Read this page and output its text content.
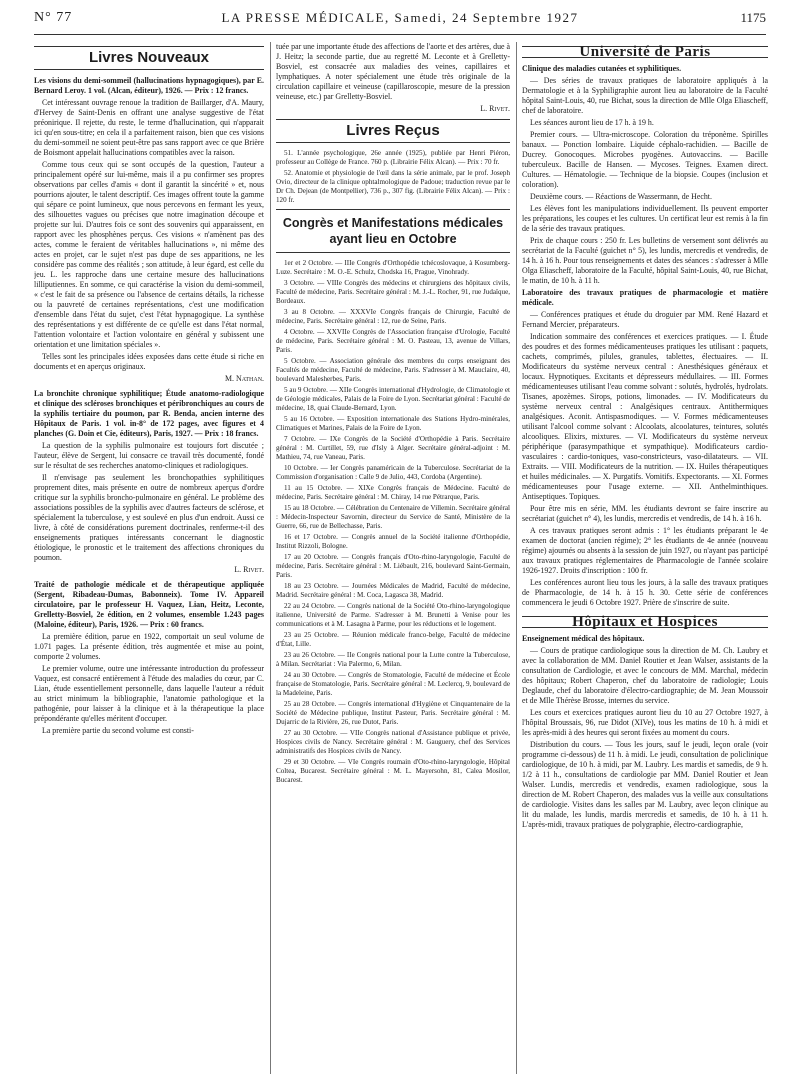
N° 77	LA PRESSE MÉDICALE, Samedi, 24 Septembre 1927	1175
Livres Nouveaux

Les visions du demi-sommeil (hallucinations hypnagogiques), par E. Bernard Leroy. 1 vol. (Alcan, éditeur), 1926. — Prix : 12 francs.

Cet intéressant ouvrage renoue la tradition de Baillarger, d'A. Maury, d'Hervey de Saint-Denis en offrant une analyse suggestive de l'état préonirique. Il rejette, du reste, le terme d'hallucination, qui n'apparait ici qu'en sous-titre; en cela il a parfaitement raison, bien que ces visions du demi-sommeil ne soient peut-être pas sans rapport avec ce que Brière de Boismont appelait hallucinations compatibles avec la raison.

Comme tous ceux qui se sont occupés de la question, l'auteur a principalement opéré sur lui-même, mais il a pu confirmer ses propres observations par celles d'amis « dont il garantit la sincérité » et, nous pourrions ajouter, le talent descriptif. Ces images offrent toute la gamme qui sépare ce point lumineux, que nous percevons en fermant les yeux, des silhouettes vagues ou précises que notre imagination découpe et projette sur lui. D'autres fois ce sont des souvenirs qui apparaissent, en rapport avec les phosphènes perçus. Ces visions « n'amènent pas des actes, comme le feraient de véritables hallucinations », ni même des actes en projet, car le sujet n'est pas dupe de ses apparitions, ne les considère pas comme des réalités ; son attitude, à leur égard, est celle du jeu. L. les rapproche dans une certaine mesure des hallucinations lilliputiennes. En somme, ce qui caractérise la vision du demi-sommeil, « c'est le fait de sa présence ou l'absence de certains détails, la richesse ou la pauvreté de certaines représentations, c'est une modification d'ensemble dans l'état du sujet, c'est l'état hypnagogique. La synthèse des représentations y est différente de ce qu'elle est dans l'état normal, l'attention volontaire et l'action volontaire en général y subissent une orientation et une limitation spéciales ».

Telles sont les principales idées exposées dans cette étude si riche en documents et en aperçus originaux.

M. Nathan.

La bronchite chronique syphilitique; Étude anatomo-radiologique et clinique des scléroses bronchiques et péribronchiques au cours de la syphilis tertiaire du poumon, par R. Benda, ancien interne des Hôpitaux de Paris. 1 vol. in-8° de 172 pages, avec figures et 4 planches (G. Doin et Cie, éditeurs), Paris, 1927. — Prix : 18 francs.

La question de la syphilis pulmonaire est toujours fort discutée ; l'auteur, élève de Sergent, lui consacre ce travail très documenté, fondé sur le résultat de ses recherches anatomo-cliniques et radiologiques.

Il n'envisage pas seulement les bronchopathies syphilitiques proprement dites, mais présente en outre de nombreux aperçus d'ordre critique sur la syphilis broncho-pulmonaire en général. Le problème des associations possibles de la syphilis avec d'autres facteurs de sclérose, et spécialement la tuberculose, y est soulevé en plus d'un endroit. Aussi ce livre, à côté de considérations purement doctrinales, renferme-t-il des enseignements pratiques intéressants concernant le diagnostic étiologique, le pronostic et le traitement des affections chroniques du poumon.

L. Rivet.

Traité de pathologie médicale et de thérapeutique appliquée (Sergent, Ribadeau-Dumas, Babonneix). Tome IV. Appareil circulatoire, par le professeur H. Vaquez, Lian, Heitz, Leconte, Grelletty-Bosviel, 2e édition, en 2 volumes, ensemble 1.243 pages (Maloine, éditeur), Paris, 1926. — Prix : 60 francs.

La première édition, parue en 1922, comportait un seul volume de 1.071 pages. La présente édition, très augmentée et mise au point, comporte 2 volumes.

Le premier volume, outre une intéressante introduction du professeur Vaquez, est consacré entièrement à l'étude des maladies du cœur, par C. Lian, étude essentiellement personnelle, dans laquelle l'auteur a réduit au strict minimum la bibliographie, l'anatomie pathologique et la pathogénie, pour laisser à la clinique et à la thérapeutique la place prépondérante qu'elles méritent d'occuper.

La première partie du second volume est consti-

tuée par une importante étude des affections de l'aorte et des artères, due à J. Heitz; la seconde partie, due au regretté M. Leconte et à Grelletty-Bosviel, est consacrée aux maladies des veines, capillaires et lymphatiques. A noter spécialement une étude très originale de la circulation capillaire et veineuse (capillaroscopie, mesure de la pression veineuse, etc.) par Grelletty-Bosviel.

L. Rivet.
Livres Reçus

51. L'année psychologique, 26e année (1925), publiée par Henri Piéron, professeur au Collège de France. 760 p. (Librairie Félix Alcan). — Prix : 70 fr.

52. Anatomie et physiologie de l'œil dans la série animale, par le prof. Joseph Ovio, directeur de la clinique ophtalmologique de Padoue; traduction revue par le Dr Ch. Dejean (de Montpellier), 736 p., 307 fig. (Librairie Félix Alcan). — Prix : 120 fr.

Congrès et Manifestations médicales ayant lieu en Octobre

1er et 2 Octobre. — IIIe Congrès d'Orthopédie tchécoslovaque, à Kosumberg-Luze. Secrétaire : M. O.-E. Schulz, Chodska 16, Prague, Vinohrady.

3 Octobre. — VIIIe Congrès des médecins et chirurgiens des hôpitaux civils, Faculté de médecine, Paris. Secrétaire général : M. J.-L. Rocher, 91, rue Judaïque, Bordeaux.

3 au 8 Octobre. — XXXVIe Congrès français de Chirurgie, Faculté de médecine, Paris. Secrétaire général : 12, rue de Seine, Paris.

4 Octobre. — XXVIIe Congrès de l'Association française d'Urologie, Faculté de médecine, Paris. Secrétaire général : M. O. Pasteau, 13, avenue de Villars, Paris.

5 Octobre. — Association générale des membres du corps enseignant des Facultés de médecine, Faculté de médecine, Paris. S'adresser à M. Mauclaire, 40, boulevard Malesherbes, Paris.

5 au 9 Octobre. — XIIe Congrès international d'Hydrologie, de Climatologie et de Géologie médicales, Palais de la Foire de Lyon. Secrétariat général : Faculté de médecine, 18, quai Claude-Bernard, Lyon.

5 au 16 Octobre. — Exposition internationale des Stations Hydro-minérales, Climatiques et Marines, Palais de la Foire de Lyon.

7 Octobre. — IXe Congrès de la Société d'Orthopédie à Paris. Secrétaire général : M. Curtillet, 59, rue d'Isly à Alger. Secrétaire général-adjoint : M. Mathieu, 74, rue Vaneau, Paris.

10 Octobre. — Ier Congrès panaméricain de la Tuberculose. Secrétariat de la Commission d'organisation : Calle 9 de Julio, 443, Cordoba (Argentine).

11 au 15 Octobre. — XIXe Congrès français de Médecine. Faculté de médecine, Paris. Secrétaire général : M. Chiray, 14 rue Pétrarque, Paris.

15 au 18 Octobre. — Célébration du Centenaire de Villemin. Secrétaire général : Médecin-Inspecteur Savornin, directeur du Service de Santé, Ministère de la Guerre, 66, rue de Bellechasse, Paris.

16 et 17 Octobre. — Congrès annuel de la Société italienne d'Orthopédie, Institut Rizzoli, Bologne.

17 au 20 Octobre. — Congrès français d'Oto-rhino-laryngologie, Faculté de médecine, Paris. Secrétaire général : M. Liébault, 216, boulevard Saint-Germain, Paris.

18 au 23 Octobre. — Journées Médicales de Madrid, Faculté de médecine, Madrid. Secrétaire général : M. Coca, Lagasca 38, Madrid.

22 au 24 Octobre. — Congrès national de la Société Oto-rhino-laryngologique italienne, Université de Parme. S'adresser à M. Brunetti à Venise pour les communications et à M. Lasagna à Parme, pour les réductions et le logement.

23 au 25 Octobre. — Réunion médicale franco-belge, Faculté de médecine d'État, Lille.

23 au 26 Octobre. — IIe Congrès national pour la Lutte contre la Tuberculose, à Milan. Secrétariat : Via Palermo, 6, Milan.

24 au 30 Octobre. — Congrès de Stomatologie, Faculté de médecine et École française de Stomatologie, Paris. Secrétaire général : M. Leclercq, 9, boulevard de la Madeleine, Paris.

25 au 28 Octobre. — Congrès international d'Hygiène et Cinquantenaire de la Société de Médecine publique, Institut Pasteur, Paris. Secrétaire général : M. Dujarric de la Rivière, 26, rue Dutot, Paris.

27 au 30 Octobre. — VIIe Congrès national d'Assistance publique et privée, Hospices civils de Nancy. Secrétaire général : M. Gauguery, chef des Services administratifs des Hospices civils de Nancy.

29 et 30 Octobre. — VIe Congrès roumain d'Oto-rhino-laryngologie, Hôpital Coltea, Bucarest. Secrétaire général : M. L. Mayersohn, 81, Calea Mosilor, Bucarest.

Université de Paris

Clinique des maladies cutanées et syphilitiques.

— Des séries de travaux pratiques de laboratoire appliqués à la Dermatologie et à la Syphiligraphie auront lieu au laboratoire de la Faculté hôpital Saint-Louis, 40, rue Bichat, sous la direction de Mlle Olga Eliascheff, chef de laboratoire.

Les séances auront lieu de 17 h. à 19 h.

Premier cours. — Ultra-microscope. Coloration du tréponème. Spirilles banaux. — Ponction lombaire. Liquide céphalo-rachidien. — Bacille de Ducrey. Gonocoques. Microbes pyogènes. Autovaccins. — Bacille tuberculeux. Bacille de Hansen. — Mycoses. Teignes. Examen direct. Cultures. — Hématologie. — Technique de la biopsie. Coupes (inclusion et coloration).

Deuxième cours. — Réactions de Wassermann, de Hecht.

Les élèves font les manipulations individuellement. Ils peuvent emporter les préparations, les coupes et les cultures. Un certificat leur est remis à la fin de la série des travaux pratiques.

Prix de chaque cours : 250 fr. Les bulletins de versement sont délivrés au secrétariat de la Faculté (guichet n° 5), les lundis, mercredis et vendredis, de 14 h. à 16 h. Pour tous renseignements et dates des séances : s'adresser à Mlle Olga Eliascheff, laboratoire de la Faculté, hôpital Saint-Louis, 40, rue Bichat, le matin, de 10 h. à 11 h.

Laboratoire des travaux pratiques de pharmacologie et matière médicale.

— Conférences pratiques et étude du droguier par MM. René Hazard et Fernand Mercier, préparateurs.

Indication sommaire des conférences et exercices pratiques. — I. Étude des poudres et des formes médicamenteuses pratiques les utilisant : paquets, cachets, comprimés, pilules, granules, tablettes, électuaires. — II. Modificateurs du système nerveux central : Anesthésiques généraux et locaux. Hypnotiques. Excitants et dépresseurs médullaires. — III. Formes médicamenteuses utilisant l'eau comme solvant : solutés, hydrolés, hydrolats. Tisanes, apozèmes. Sirops, potions, limonades. — IV. Modificateurs du système nerveux central : Analgésiques centraux. Antithermiques analgésiques. Aconit. Antispasmodiques. — V. Formes médicamenteuses utilisant l'alcool comme solvant : Alcoolats, alcoolatures, teintures, solutés alcooliques. Elixirs, mixtures. — VI. Modificateurs du système nerveux périphérique (parasympathique et sympathique). Modificateurs cardio-vasculaires : cardio-toniques, vaso-constricteurs, vaso-dilatateurs. — VII. Extraits. — VIII. Modificateurs de la nutrition. — IX. Huiles thérapeutiques et huiles médicinales. — X. Purgatifs. Vomitifs. Expectorants. — XI. Formes médicamenteuses pour l'usage externe. — XII. Anthelminthiques. Antiseptiques. Topiques.

Pour être mis en série, MM. les étudiants devront se faire inscrire au secrétariat (guichet n° 4), les lundis, mercredis et vendredis, de 14 h. à 16 h.

A ces travaux pratiques seront admis : 1° les étudiants préparant le 4e examen de doctorat (ancien régime); 2° les étudiants de 4e année (nouveau régime) ajournés ou absents à la session de juin 1927, ou n'ayant pas participé aux travaux pratiques réglementaires de Pharmacologie de l'année scolaire 1926-1927. Droits d'inscription : 100 fr.

Les conférences auront lieu tous les jours, à la salle des travaux pratiques de Pharmacologie, de 14 h. à 15 h. 30. Cette série de conférences commencera le jeudi 6 Octobre 1927. Prière de s'inscrire de suite.

Hôpitaux et Hospices

Enseignement médical des hôpitaux.

— Cours de pratique cardiologique sous la direction de M. Ch. Laubry et avec la collaboration de MM. Daniel Routier et Jean Walser, assistants de la consultation de Cardiologie, et avec le concours de MM. Marchal, médecin des hôpitaux; Robert Chaperon, chef du laboratoire de radiologie; Louis Deglaude, chef du laboratoire d'électro-cardiographie; de M. Jean Moussoir et de Mlle Thérèse Brosse, internes du service.

Les cours et exercices pratiques auront lieu du 10 au 27 Octobre 1927, à l'hôpital Broussais, 96, rue Didot (XIVe), tous les matins de 10 h. à midi et les après-midi à des heures qui seront fixées au moment du cours.

Distribution du cours. — Tous les jours, sauf le jeudi, leçon orale (voir programme ci-dessous) de 11 h. à midi. Le jeudi, consultation de policlinique cardiologique, de 10 h. à midi, par M. Laubry. Les mardis et samedis, de 9 h. 1/2 à 11 h., consultations de cardiologie par MM. Daniel Routier et Jean Walser. Lundis, mercredis et vendredis, examen radiologique, sous la direction de M. Robert Chaperon, des malades vus la veille aux consultations de cardiologie. Visites dans les salles par M. Laubry, avec leçon clinique au lit du malade, les lundis, mardis mercredis et samedis, de 10 h. à 11 h. L'après-midi, travaux pratiques de polygraphie, électro-cardiographie,
